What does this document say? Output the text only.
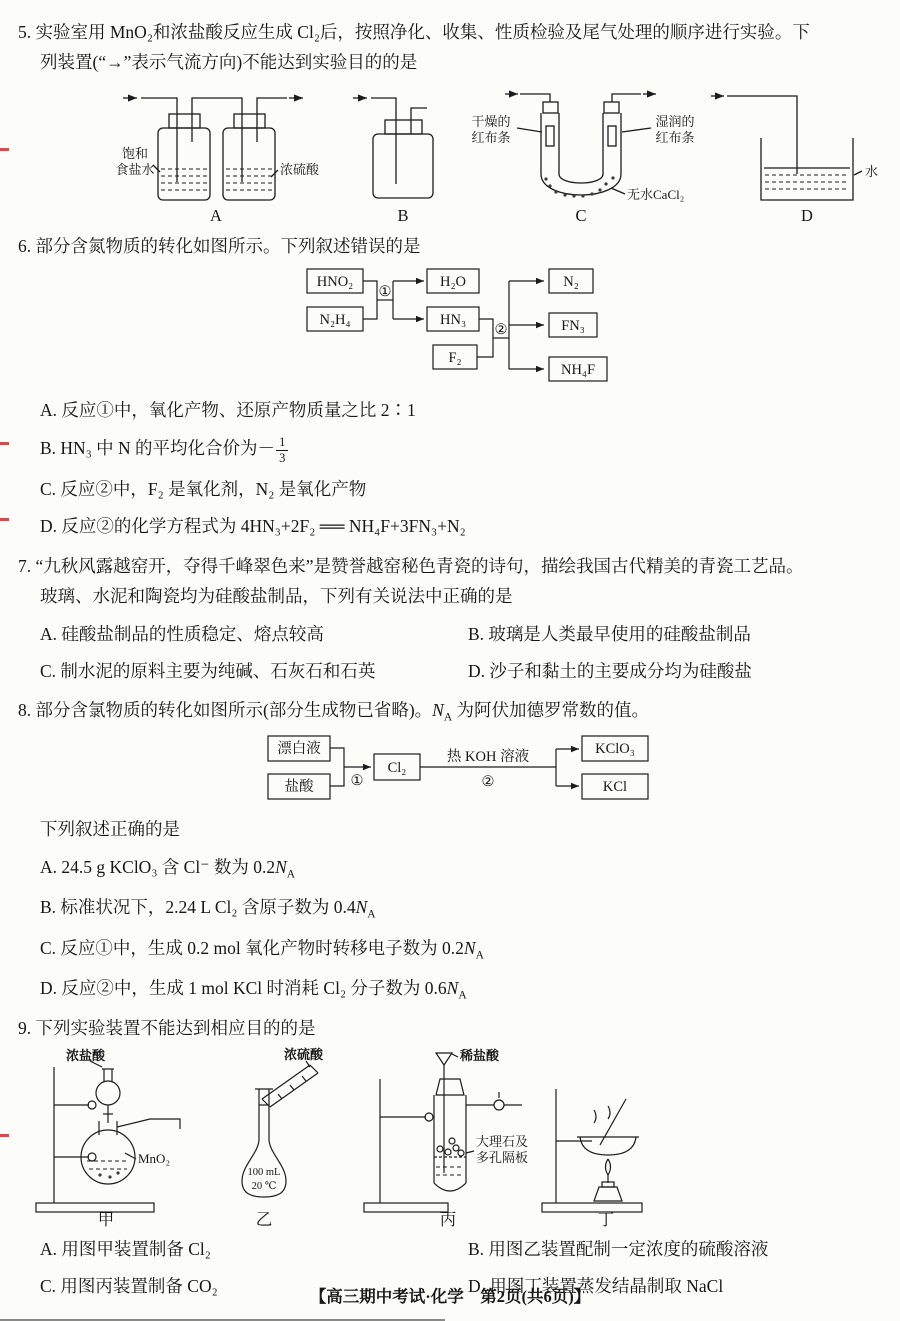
5. 实验室用 MnO₂和浓盐酸反应生成 Cl₂后，按照净化、收集、性质检验及尾气处理的顺序进行实验。下
列装置(“→”表示气流方向)不能达到实验目的的是
饱和
食盐水	浓硫酸
干燥的
红布条
湿润的
红布条
无水CaCl₂
水
A	B	C	D
6. 部分含氮物质的转化如图所示。下列叙述错误的是
HNO₂
N₂H₄
①
H₂O
HN₃
F₂
②
N₂
FN₃
NH₄F
A. 反应①中，氧化产物、还原产物质量之比 2∶1
B. HN₃ 中 N 的平均化合价为－ $\frac{1}{3}$
C. 反应②中，F₂ 是氧化剂，N₂ 是氧化产物
D. 反应②的化学方程式为 4HN₃+2F₂ ══ NH₄F+3FN₃+N₂
7. “九秋风露越窑开，夺得千峰翠色来”是赞誉越窑秘色青瓷的诗句，描绘我国古代精美的青瓷工艺品。
玻璃、水泥和陶瓷均为硅酸盐制品，下列有关说法中正确的是
A. 硅酸盐制品的性质稳定、熔点较高	B. 玻璃是人类最早使用的硅酸盐制品
C. 制水泥的原料主要为纯碱、石灰石和石英	D. 沙子和黏土的主要成分均为硅酸盐
8. 部分含氯物质的转化如图所示(部分生成物已省略)。$N_A$ 为阿伏加德罗常数的值。
漂白液
盐酸	①
Cl₂
热 KOH 溶液
②
KClO₃
KCl
下列叙述正确的是
A. 24.5 g KClO₃ 含 Cl⁻ 数为 $0.2N_A$
B. 标准状况下，2.24 L Cl₂ 含原子数为 $0.4N_A$
C. 反应①中，生成 0.2 mol 氧化产物时转移电子数为 $0.2N_A$
D. 反应②中，生成 1 mol KCl 时消耗 Cl₂ 分子数为 $0.6N_A$
9. 下列实验装置不能达到相应目的的是
浓盐酸
MnO₂
浓硫酸
100 mL
20 ℃
稀盐酸
大理石及
多孔隔板
甲	乙	丙	丁
A. 用图甲装置制备 Cl₂	B. 用图乙装置配制一定浓度的硫酸溶液
C. 用图丙装置制备 CO₂	D. 用图丁装置蒸发结晶制取 NaCl
【高三期中考试·化学　第2页(共6页)】
